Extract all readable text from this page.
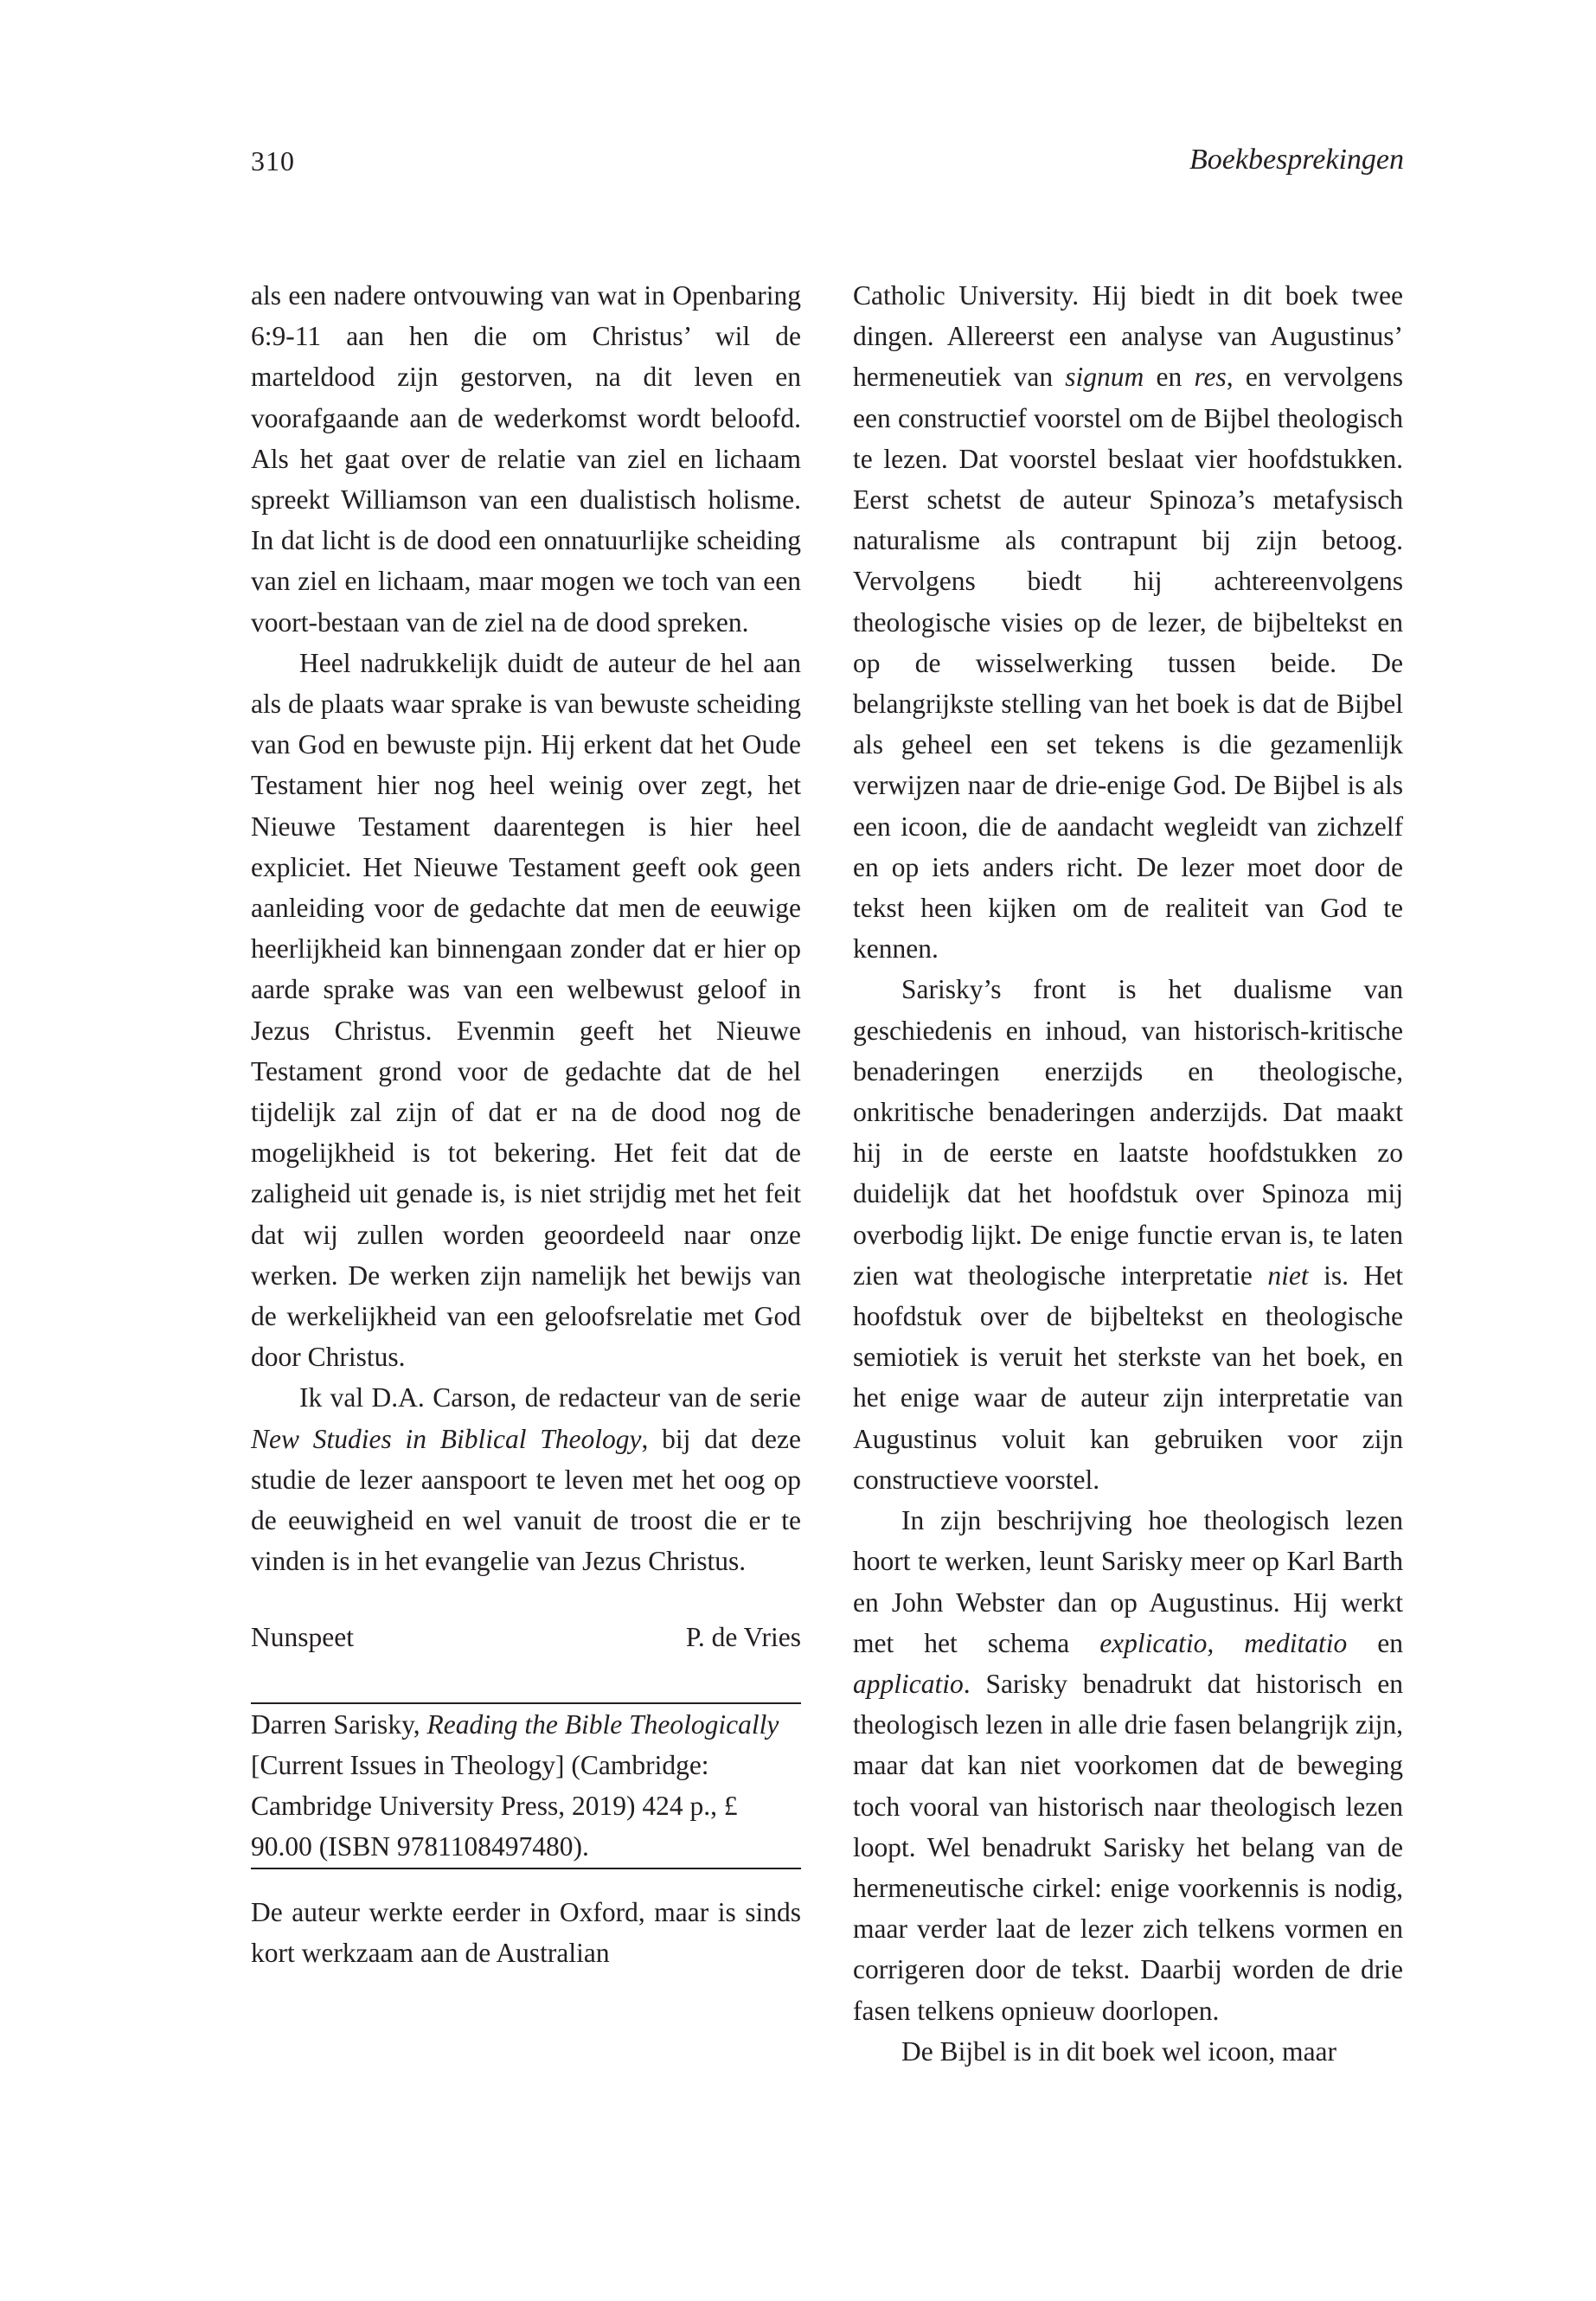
310	Boekbesprekingen

als een nadere ontvouwing van wat in Openbaring 6:9-11 aan hen die om Christus’ wil de marteldood zijn gestorven, na dit leven en voorafgaande aan de wederkomst wordt beloofd. Als het gaat over de relatie van ziel en lichaam spreekt Williamson van een dualistisch holisme. In dat licht is de dood een onnatuurlijke scheiding van ziel en lichaam, maar mogen we toch van een voort-bestaan van de ziel na de dood spreken.

Heel nadrukkelijk duidt de auteur de hel aan als de plaats waar sprake is van bewuste scheiding van God en bewuste pijn. Hij erkent dat het Oude Testament hier nog heel weinig over zegt, het Nieuwe Testament daarentegen is hier heel expliciet. Het Nieuwe Testament geeft ook geen aanleiding voor de gedachte dat men de eeuwige heerlijkheid kan binnengaan zonder dat er hier op aarde sprake was van een welbewust geloof in Jezus Christus. Evenmin geeft het Nieuwe Testament grond voor de gedachte dat de hel tijdelijk zal zijn of dat er na de dood nog de mogelijkheid is tot bekering. Het feit dat de zaligheid uit genade is, is niet strijdig met het feit dat wij zullen worden geoordeeld naar onze werken. De werken zijn namelijk het bewijs van de werkelijkheid van een geloofsrelatie met God door Christus.

Ik val D.A. Carson, de redacteur van de serie New Studies in Biblical Theology, bij dat deze studie de lezer aanspoort te leven met het oog op de eeuwigheid en wel vanuit de troost die er te vinden is in het evangelie van Jezus Christus.

Nunspeet	P. de Vries

Darren Sarisky, Reading the Bible Theologically [Current Issues in Theology] (Cambridge: Cambridge University Press, 2019) 424 p., £ 90.00 (ISBN 9781108497480).

De auteur werkte eerder in Oxford, maar is sinds kort werkzaam aan de Australian

Catholic University. Hij biedt in dit boek twee dingen. Allereerst een analyse van Augustinus’ hermeneutiek van signum en res, en vervolgens een constructief voorstel om de Bijbel theologisch te lezen. Dat voorstel beslaat vier hoofdstukken. Eerst schetst de auteur Spinoza’s metafysisch naturalisme als contrapunt bij zijn betoog. Vervolgens biedt hij achtereenvolgens theologische visies op de lezer, de bijbeltekst en op de wisselwerking tussen beide. De belangrijkste stelling van het boek is dat de Bijbel als geheel een set tekens is die gezamenlijk verwijzen naar de drie-enige God. De Bijbel is als een icoon, die de aandacht wegleidt van zichzelf en op iets anders richt. De lezer moet door de tekst heen kijken om de realiteit van God te kennen.

Sarisky’s front is het dualisme van geschiedenis en inhoud, van historisch-kritische benaderingen enerzijds en theologische, onkritische benaderingen anderzijds. Dat maakt hij in de eerste en laatste hoofdstukken zo duidelijk dat het hoofdstuk over Spinoza mij overbodig lijkt. De enige functie ervan is, te laten zien wat theologische interpretatie niet is. Het hoofdstuk over de bijbeltekst en theologische semiotiek is veruit het sterkste van het boek, en het enige waar de auteur zijn interpretatie van Augustinus voluit kan gebruiken voor zijn constructieve voorstel.

In zijn beschrijving hoe theologisch lezen hoort te werken, leunt Sarisky meer op Karl Barth en John Webster dan op Augustinus. Hij werkt met het schema explicatio, meditatio en applicatio. Sarisky benadrukt dat historisch en theologisch lezen in alle drie fasen belangrijk zijn, maar dat kan niet voorkomen dat de beweging toch vooral van historisch naar theologisch lezen loopt. Wel benadrukt Sarisky het belang van de hermeneutische cirkel: enige voorkennis is nodig, maar verder laat de lezer zich telkens vormen en corrigeren door de tekst. Daarbij worden de drie fasen telkens opnieuw doorlopen.

De Bijbel is in dit boek wel icoon, maar
